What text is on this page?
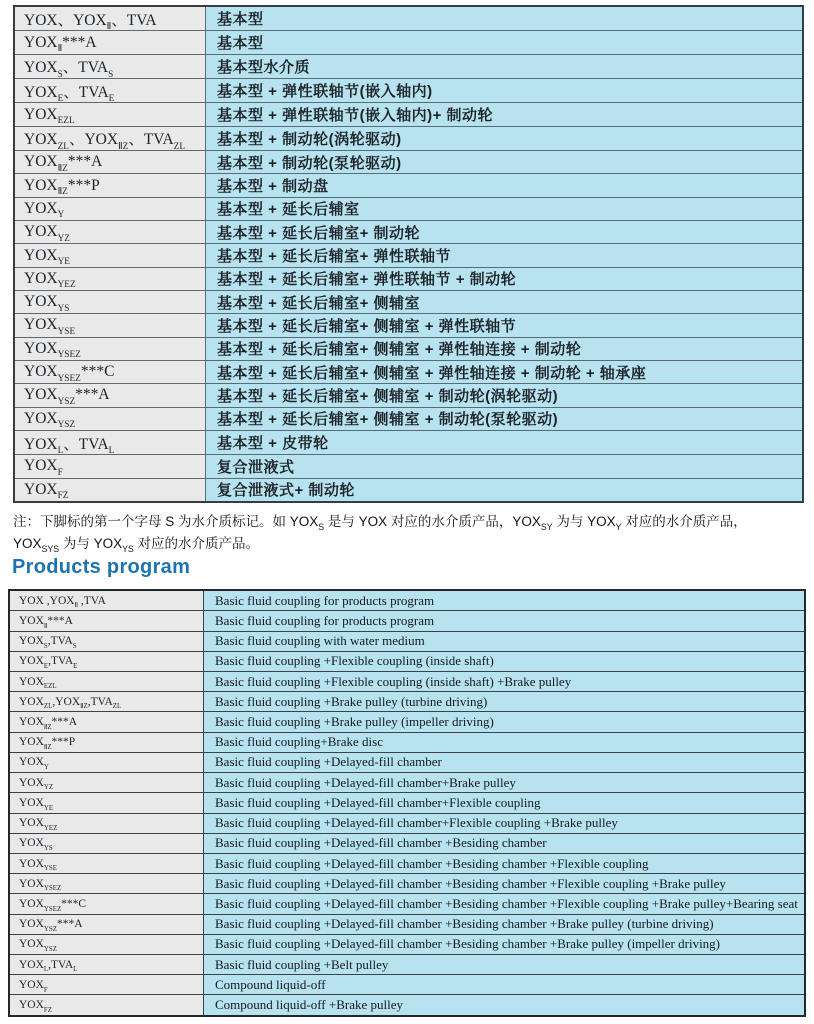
YOX、$YOX_Ⅱ$、TVA	基本型
$YOX_Ⅱ***A$	基本型
$YOX_S$、$TVA_S$	基本型水介质
$YOX_E$、$TVA_E$	基本型 + 弹性联轴节(嵌入轴内)
$YOX_{EZL}$	基本型 + 弹性联轴节(嵌入轴内)+ 制动轮
$YOX_{ZL}$、$YOX_{ⅡZ}$、$TVA_{ZL}$	基本型 + 制动轮(涡轮驱动)
$YOX_{ⅡZ}***A$	基本型 + 制动轮(泵轮驱动)
$YOX_{ⅡZ}***P$	基本型 + 制动盘
$YOX_Y$	基本型 + 延长后辅室
$YOX_{YZ}$	基本型 + 延长后辅室+ 制动轮
$YOX_{YE}$	基本型 + 延长后辅室+ 弹性联轴节
$YOX_{YEZ}$	基本型 + 延长后辅室+ 弹性联轴节 + 制动轮
$YOX_{YS}$	基本型 + 延长后辅室+ 侧辅室
$YOX_{YSE}$	基本型 + 延长后辅室+ 侧辅室 + 弹性联轴节
$YOX_{YSEZ}$	基本型 + 延长后辅室+ 侧辅室 + 弹性轴连接 + 制动轮
$YOX_{YSEZ}***C$	基本型 + 延长后辅室+ 侧辅室 + 弹性轴连接 + 制动轮 + 轴承座
$YOX_{YSZ}***A$	基本型 + 延长后辅室+ 侧辅室 + 制动轮(涡轮驱动)
$YOX_{YSZ}$	基本型 + 延长后辅室+ 侧辅室 + 制动轮(泵轮驱动)
$YOX_L$、$TVA_L$	基本型 + 皮带轮
$YOX_F$	复合泄液式
$YOX_{FZ}$	复合泄液式+ 制动轮
注：下脚标的第一个字母 S 为水介质标记。如 $YOX_S$ 是与 YOX 对应的水介质产品，$YOX_{SY}$ 为与 $YOX_Y$ 对应的水介质产品，
$YOX_{SYS}$ 为与 $YOX_{YS}$ 对应的水介质产品。
Products program
YOX $,YOX_Ⅱ$ ,TVA	Basic fluid coupling for products program
$YOX_Ⅱ***A$	Basic fluid coupling for products program
$YOX_S,TVA_S$	Basic fluid coupling with water medium
$YOX_E,TVA_E$	Basic fluid coupling +Flexible coupling (inside shaft)
$YOX_{EZL}$	Basic fluid coupling +Flexible coupling (inside shaft) +Brake pulley
$YOX_{ZL},YOX_{ⅡZ},TVA_{ZL}$	Basic fluid coupling +Brake pulley (turbine driving)
$YOX_{ⅡZ}***A$	Basic fluid coupling +Brake pulley (impeller driving)
$YOX_{ⅡZ}***P$	Basic fluid coupling+Brake disc
$YOX_Y$	Basic fluid coupling +Delayed-fill chamber
$YOX_{YZ}$	Basic fluid coupling +Delayed-fill chamber+Brake pulley
$YOX_{YE}$	Basic fluid coupling +Delayed-fill chamber+Flexible coupling
$YOX_{YEZ}$	Basic fluid coupling +Delayed-fill chamber+Flexible coupling +Brake pulley
$YOX_{YS}$	Basic fluid coupling +Delayed-fill chamber +Besiding chamber
$YOX_{YSE}$	Basic fluid coupling +Delayed-fill chamber +Besiding chamber +Flexible coupling
$YOX_{YSEZ}$	Basic fluid coupling +Delayed-fill chamber +Besiding chamber +Flexible coupling +Brake pulley
$YOX_{YSEZ}***C$	Basic fluid coupling +Delayed-fill chamber +Besiding chamber +Flexible coupling +Brake pulley+Bearing seat
$YOX_{YSZ}***A$	Basic fluid coupling +Delayed-fill chamber +Besiding chamber +Brake pulley (turbine driving)
$YOX_{YSZ}$	Basic fluid coupling +Delayed-fill chamber +Besiding chamber +Brake pulley (impeller driving)
$YOX_L,TVA_L$	Basic fluid coupling +Belt pulley
$YOX_F$	Compound liquid-off
$YOX_{FZ}$	Compound liquid-off +Brake pulley
